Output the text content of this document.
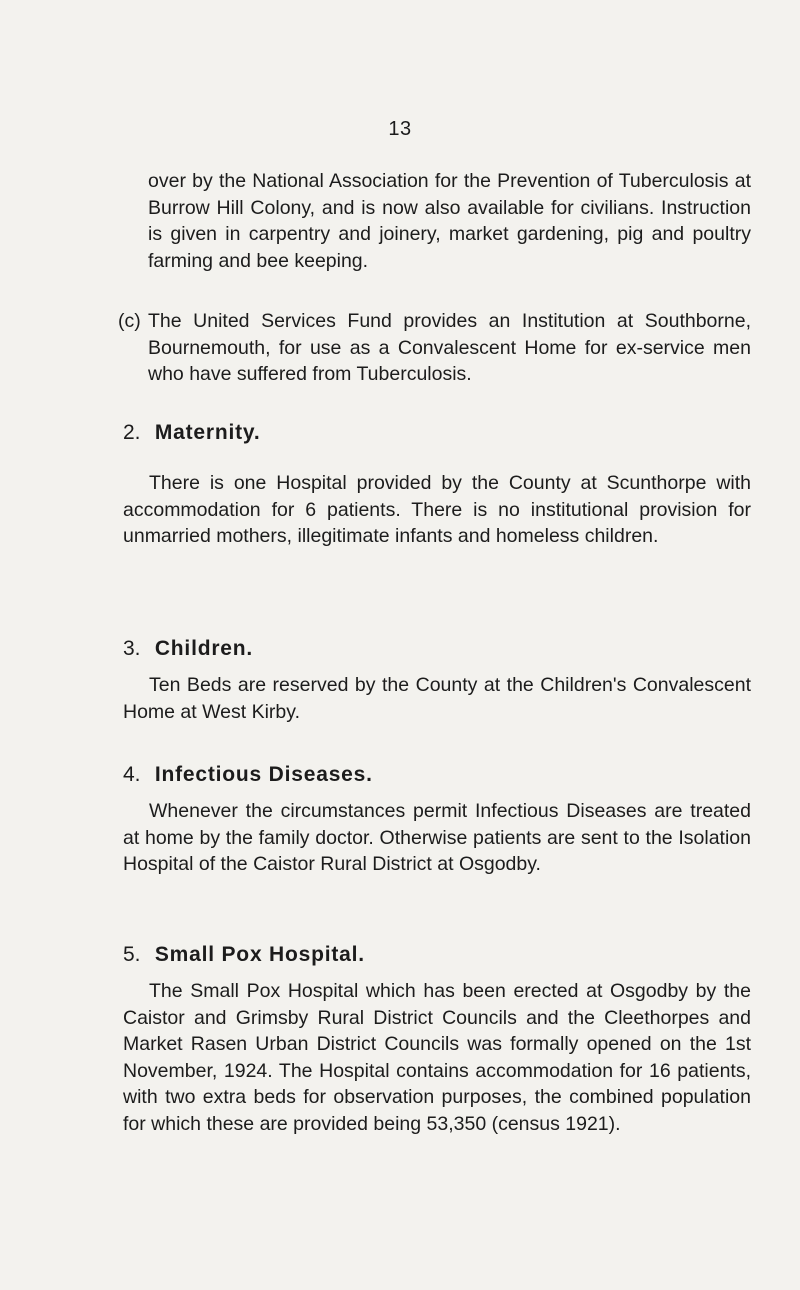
13

over by the National Association for the Prevention of Tuberculosis at Burrow Hill Colony, and is now also available for civilians. Instruction is given in carpentry and joinery, market gardening, pig and poultry farming and bee keeping.

(c) The United Services Fund provides an Institution at Southborne, Bournemouth, for use as a Convalescent Home for ex-service men who have suffered from Tuberculosis.

2. Maternity.

There is one Hospital provided by the County at Scunthorpe with accommodation for 6 patients. There is no institutional provision for unmarried mothers, illegitimate infants and homeless children.

3. Children.

Ten Beds are reserved by the County at the Children's Convalescent Home at West Kirby.

4. Infectious Diseases.

Whenever the circumstances permit Infectious Diseases are treated at home by the family doctor. Otherwise patients are sent to the Isolation Hospital of the Caistor Rural District at Osgodby.

5. Small Pox Hospital.

The Small Pox Hospital which has been erected at Osgodby by the Caistor and Grimsby Rural District Councils and the Cleethorpes and Market Rasen Urban District Councils was formally opened on the 1st November, 1924. The Hospital contains accommodation for 16 patients, with two extra beds for observation purposes, the combined population for which these are provided being 53,350 (census 1921).
